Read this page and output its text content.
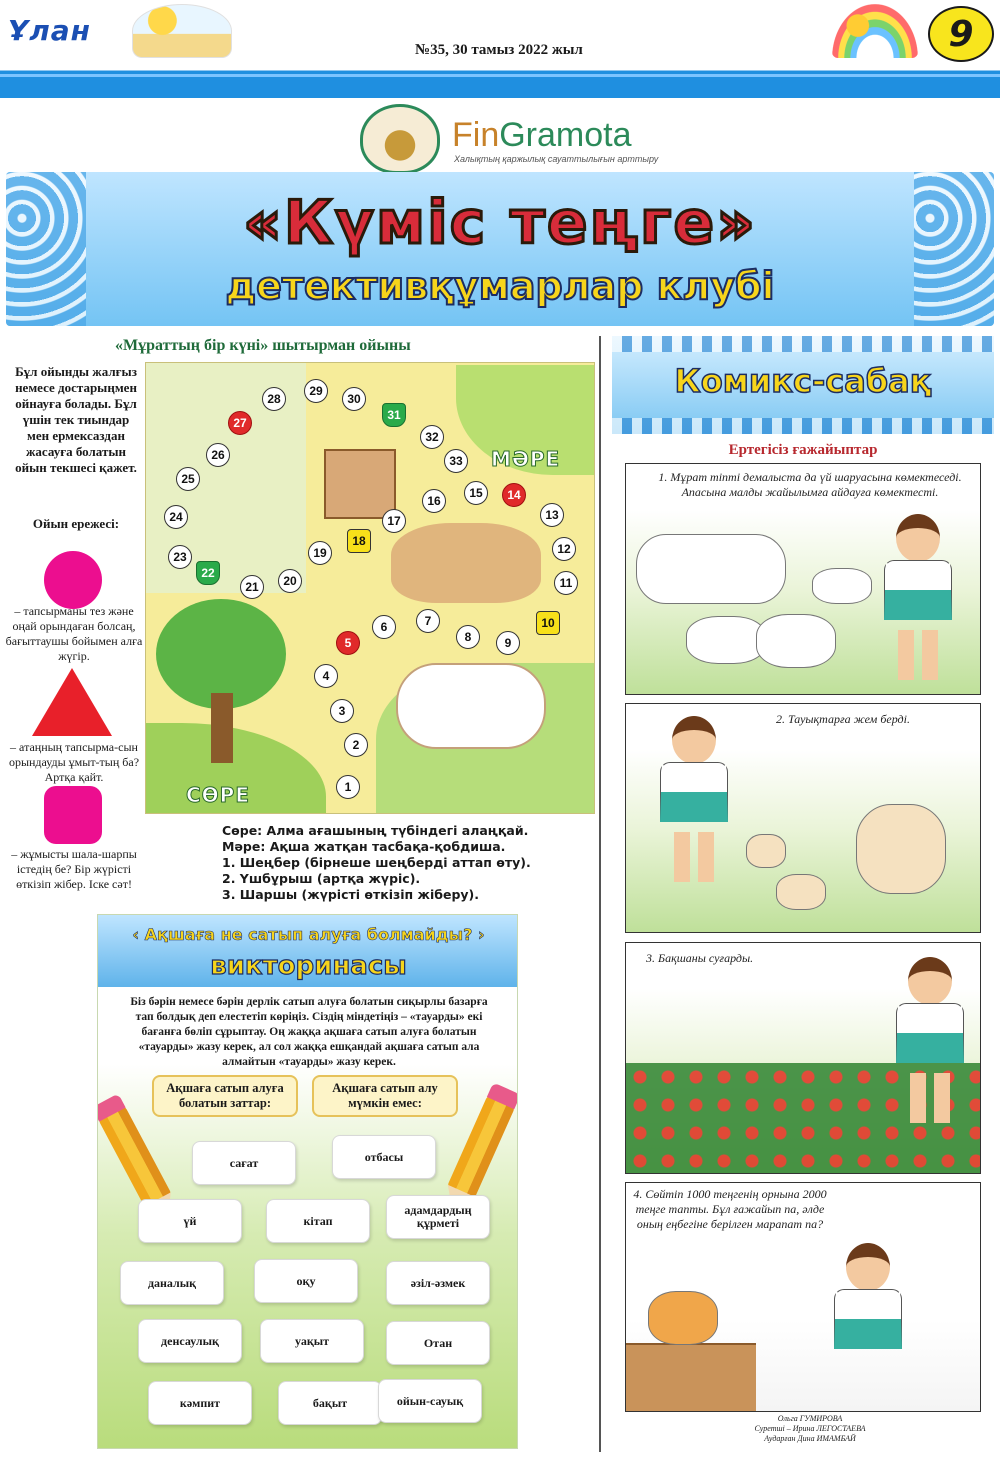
Ұлан
№35, 30 тамыз 2022 жыл	9
FinGramota
Халықтың қаржылық сауаттылығын арттыру
«Күміс теңге»
детективқұмарлар клубі
«Мұраттың бір күні» шытырман ойыны
Бұл ойынды жалғыз немесе достарыңмен ойнауға болады. Бұл үшін тек тиындар мен ермексаздан жасауға болатын ойын текшесі қажет.
Ойын ережесі:
– тапсырманы тез және оңай орындаған болсаң, бағыттаушы бойымен алға жүгір.
– атаңның тапсырма-сын орындауды ұмыт-тың ба? Артқа қайт.
– жұмысты шала-шарпы істедің бе? Бір жүрісті өткізіп жібер. Іске сәт!
МӘРЕ
СӨРЕ	1
2
3
4
5
6	7
8	9
10
11
12
13
14
15
16
17
18
19
20
21
22
23
24
25
26
27
28
29
30
31
32
33
Сөре: Алма ағашының түбіндегі алаңқай.
Мәре: Ақша жатқан тасбақа-қобдиша.
1. Шеңбер (бірнеше шеңберді аттап өту).
2. Үшбұрыш (артқа жүріс).
3. Шаршы (жүрісті өткізіп жіберу).
‹ Ақшаға не сатып алуға болмайды? ›
викторинасы
Біз бәрін немесе бәрін дерлік сатып алуға болатын сиқырлы базарға тап болдық деп елестетіп көріңіз. Сіздің міндетіңіз – «тауарды» екі бағанға бөліп сұрыптау. Оң жаққа ақшаға сатып алуға болатын «тауарды» жазу керек, ал сол жаққа ешқандай ақшаға сатып ала алмайтын «тауарды» жазу керек.
Ақшаға сатып алуға болатын заттар:
Ақшаға сатып алу мүмкін емес:
сағат	отбасы
үй	кітап
адамдардың құрметі
даналық	оқу	әзіл-әзмек
денсаулық	уақыт	Отан
кәмпит	бақыт	ойын-сауық
Комикс-сабақ
Ертегісіз ғажайыптар
1. Мұрат тіпті демалыста да үй шаруасына көмектеседі. Апасына малды жайылымға айдауға көмектесті.
2. Тауықтарға жем берді.
3. Бақшаны суғарды.
4. Сөйтіп 1000 теңгенің орнына 2000 теңге тапты. Бұл ғажайып па, әлде оның еңбегіне берілген марапат па?
Ольга ГУМИРОВА
Суретші – Ирина ЛЕГОСТАЕВА
Аударған Дина ИМАМБАЙ
